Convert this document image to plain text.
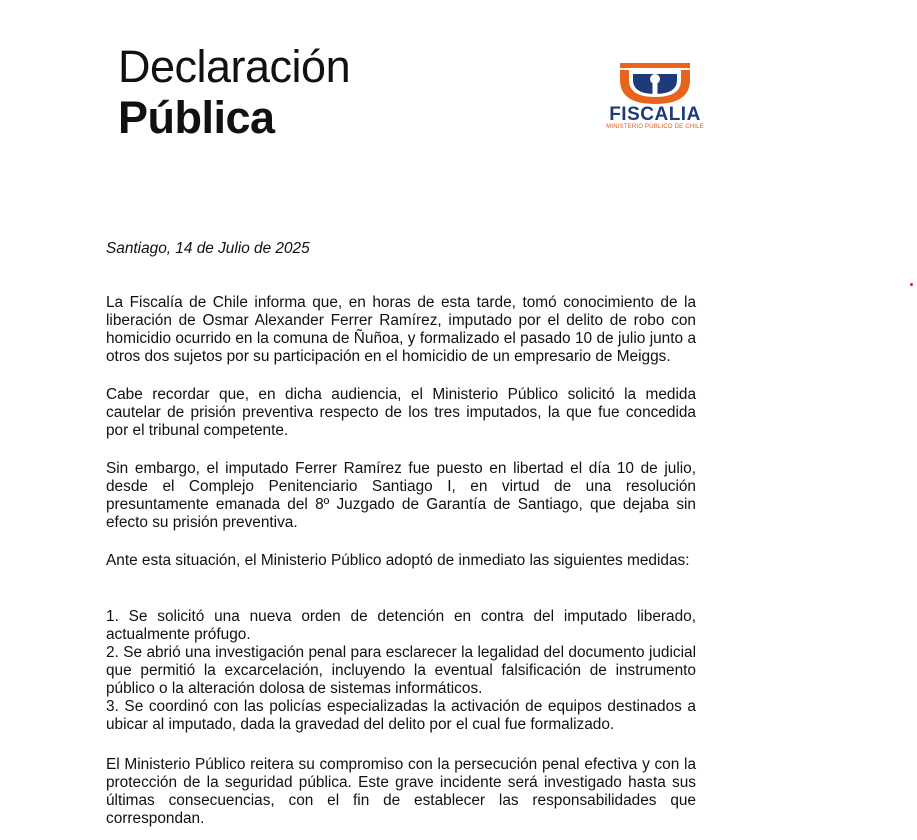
Declaración
Pública	FISCALIA
MINISTERIO PÚBLICO DE CHILE
Santiago, 14 de Julio de 2025

La Fiscalía de Chile informa que, en horas de esta tarde, tomó conocimiento de la liberación de Osmar Alexander Ferrer Ramírez, imputado por el delito de robo con homicidio ocurrido en la comuna de Ñuñoa, y formalizado el pasado 10 de julio junto a otros dos sujetos por su participación en el homicidio de un empresario de Meiggs.

Cabe recordar que, en dicha audiencia, el Ministerio Público solicitó la medida cautelar de prisión preventiva respecto de los tres imputados, la que fue concedida por el tribunal competente.

Sin embargo, el imputado Ferrer Ramírez fue puesto en libertad el día 10 de julio, desde el Complejo Penitenciario Santiago I, en virtud de una resolución presuntamente emanada del 8º Juzgado de Garantía de Santiago, que dejaba sin efecto su prisión preventiva.

Ante esta situación, el Ministerio Público adoptó de inmediato las siguientes medidas:

1. Se solicitó una nueva orden de detención en contra del imputado liberado, actualmente prófugo.

2. Se abrió una investigación penal para esclarecer la legalidad del documento judicial que permitió la excarcelación, incluyendo la eventual falsificación de instrumento público o la alteración dolosa de sistemas informáticos.

3. Se coordinó con las policías especializadas la activación de equipos destinados a ubicar al imputado, dada la gravedad del delito por el cual fue formalizado.

El Ministerio Público reitera su compromiso con la persecución penal efectiva y con la protección de la seguridad pública. Este grave incidente será investigado hasta sus últimas consecuencias, con el fin de establecer las responsabilidades que correspondan.
